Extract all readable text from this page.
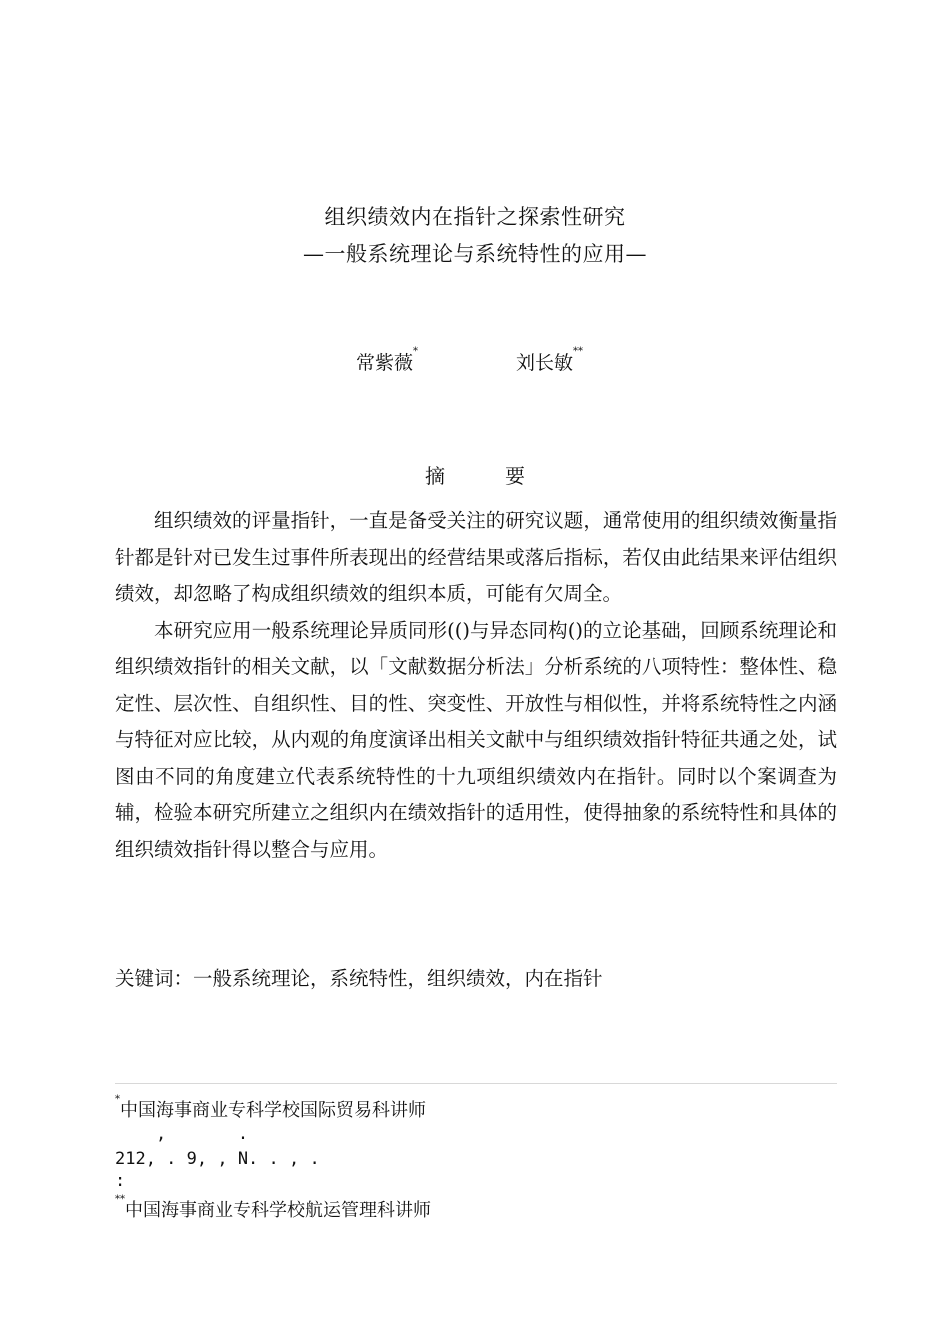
组织绩效内在指针之探索性研究
—一般系统理论与系统特性的应用—
常紫薇*
刘长敏**
摘	要

组织绩效的评量指针，一直是备受关注的研究议题，通常使用的组织绩效衡量指针都是针对已发生过事件所表现出的经营结果或落后指标，若仅由此结果来评估组织绩效，却忽略了构成组织绩效的组织本质，可能有欠周全。

本研究应用一般系统理论异质同形(()与异态同构()的立论基础，回顾系统理论和组织绩效指针的相关文献，以「文献数据分析法」分析系统的八项特性：整体性、稳定性、层次性、自组织性、目的性、突变性、开放性与相似性，并将系统特性之内涵与特征对应比较，从内观的角度演译出相关文献中与组织绩效指针特征共通之处，试图由不同的角度建立代表系统特性的十九项组织绩效内在指针。同时以个案调查为辅，检验本研究所建立之组织内在绩效指针的适用性，使得抽象的系统特性和具体的组织绩效指针得以整合与应用。

关键词：一般系统理论，系统特性，组织绩效，内在指针
*中国海事商业专科学校国际贸易科讲师
,       .
212, . 9, , N. . , .
:
**中国海事商业专科学校航运管理科讲师
